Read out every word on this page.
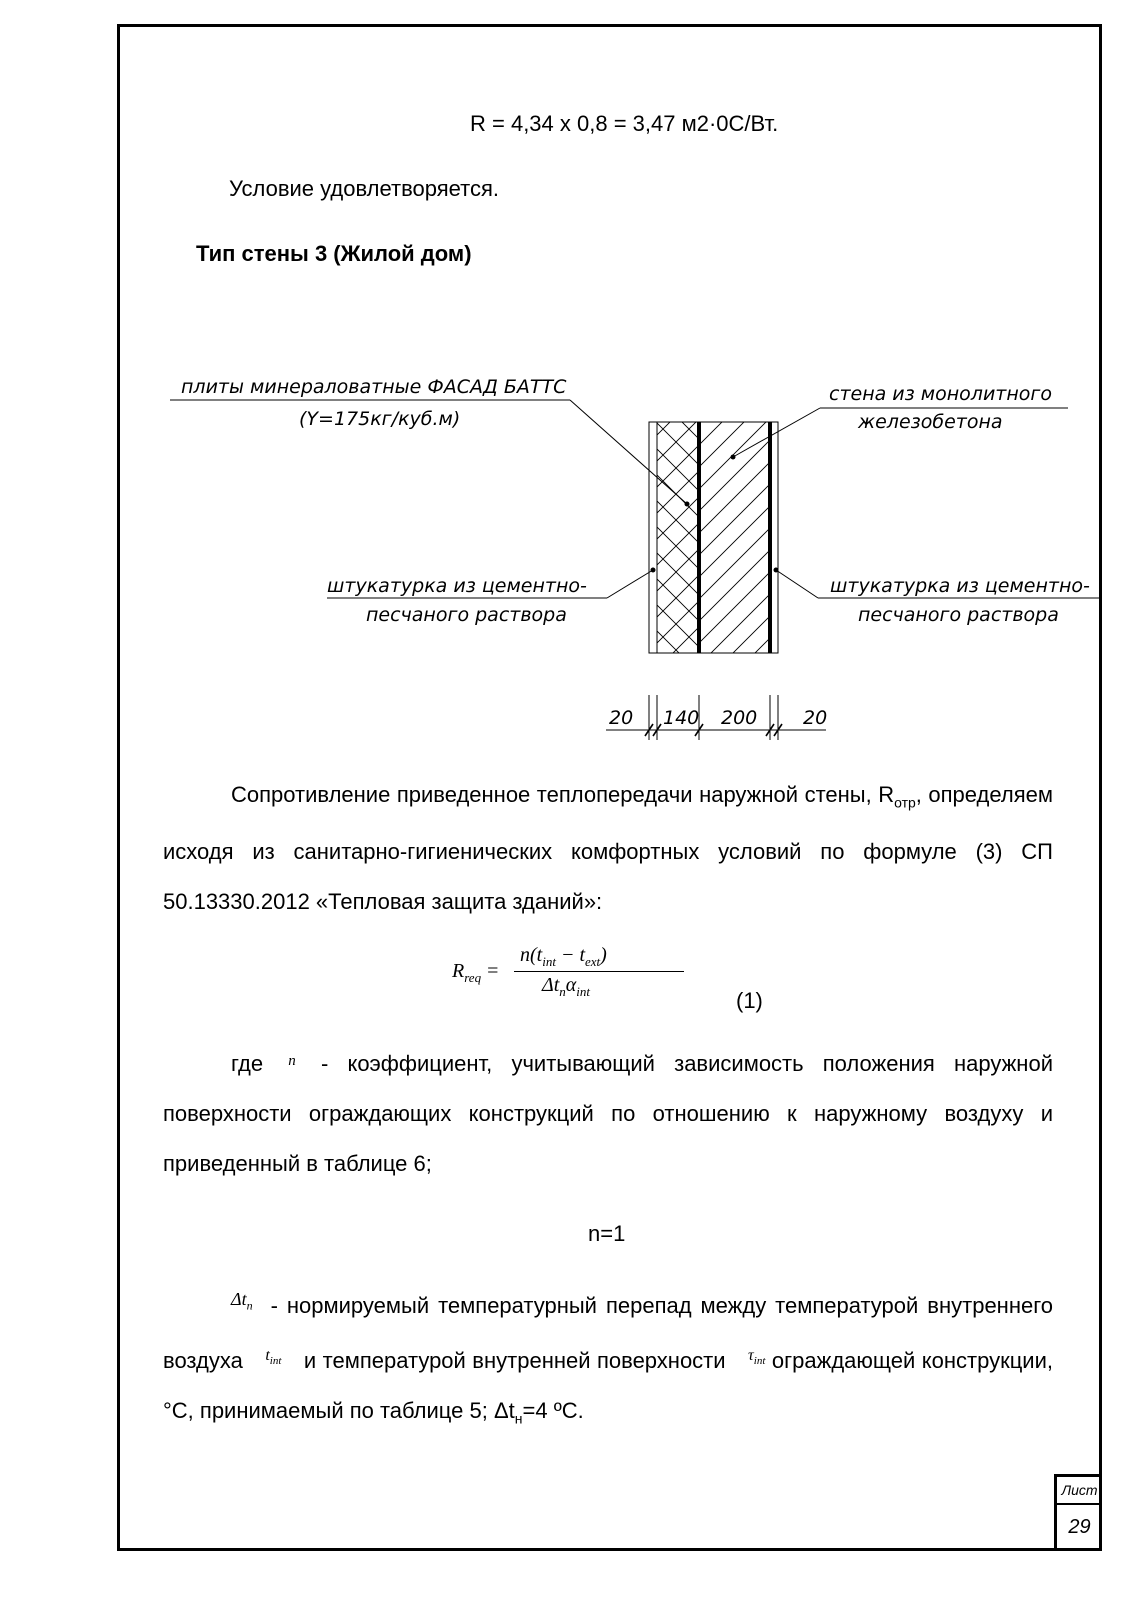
R = 4,34 x 0,8 = 3,47 м2·0С/Вт.
Условие удовлетворяется.
Тип стены 3 (Жилой дом)
плиты минераловатные ФАСАД БАТТС
(Y=175кг/куб.м)
стена из монолитного
железобетона
штукатурка из цементно-
песчаного раствора
штукатурка из цементно-
песчаного раствора
20 140 200 20

Сопротивление приведенное теплопередачи наружной стены, $R_{отр}$, определяем исходя из санитарно-гигиенических комфортных условий по формуле (3) СП 50.13330.2012 «Тепловая защита зданий»:

$R_{req}$ =
$n(t_{int} - t_{ext})$
$\Delta t_n\alpha_{int}$	(1)

где $^n$ - коэффициент, учитывающий зависимость положения наружной поверхности ограждающих конструкций по отношению к наружному воздуху и приведенный в таблице 6;

n=1

$^{\Delta t_n}$ - нормируемый температурный перепад между температурой внутреннего воздуха $^{t_{int}}$ и температурой внутренней поверхности $^{\tau_{int}}$ ограждающей конструкции, °C, принимаемый по таблице 5; $\Delta t_н=4$ ºC.

Лист
29
